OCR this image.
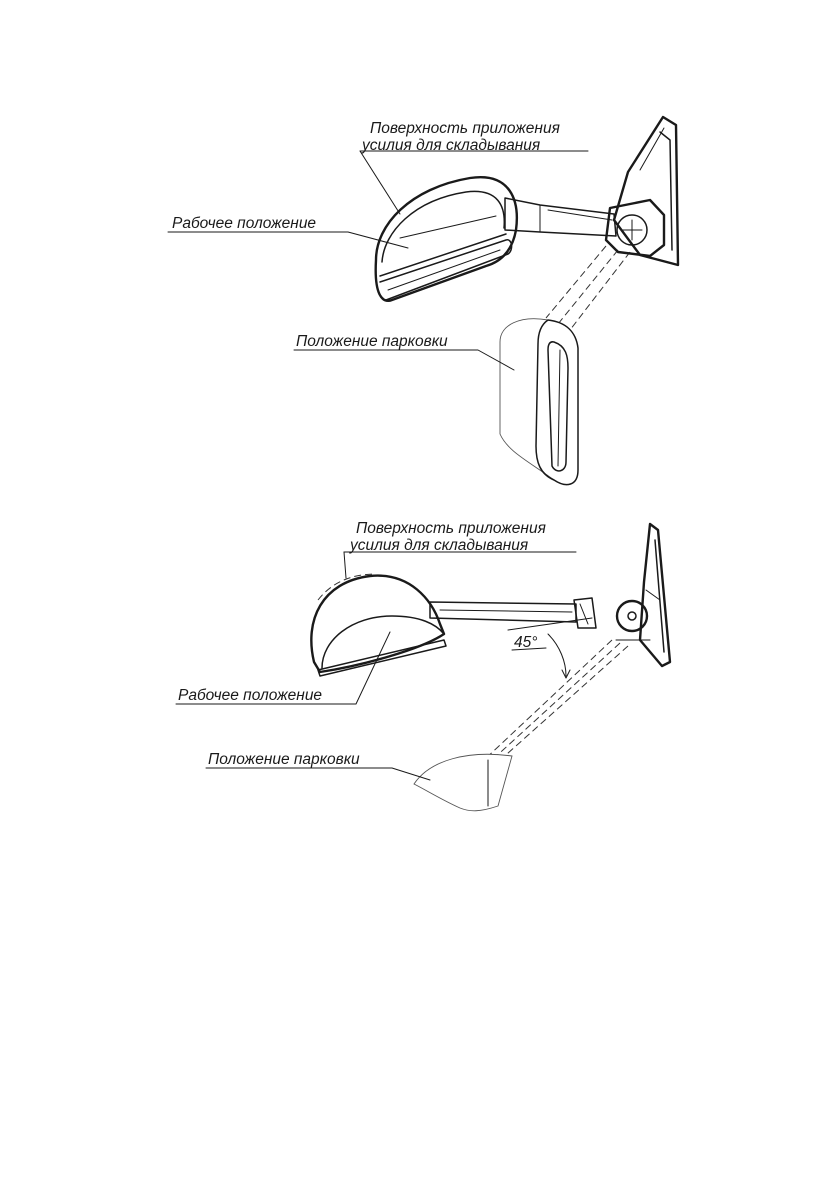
Поверхность приложения
усилия для складывания
Рабочее положение
Положение парковки
45°
Поверхность приложения
усилия для складывания
Рабочее положение
Положение парковки
